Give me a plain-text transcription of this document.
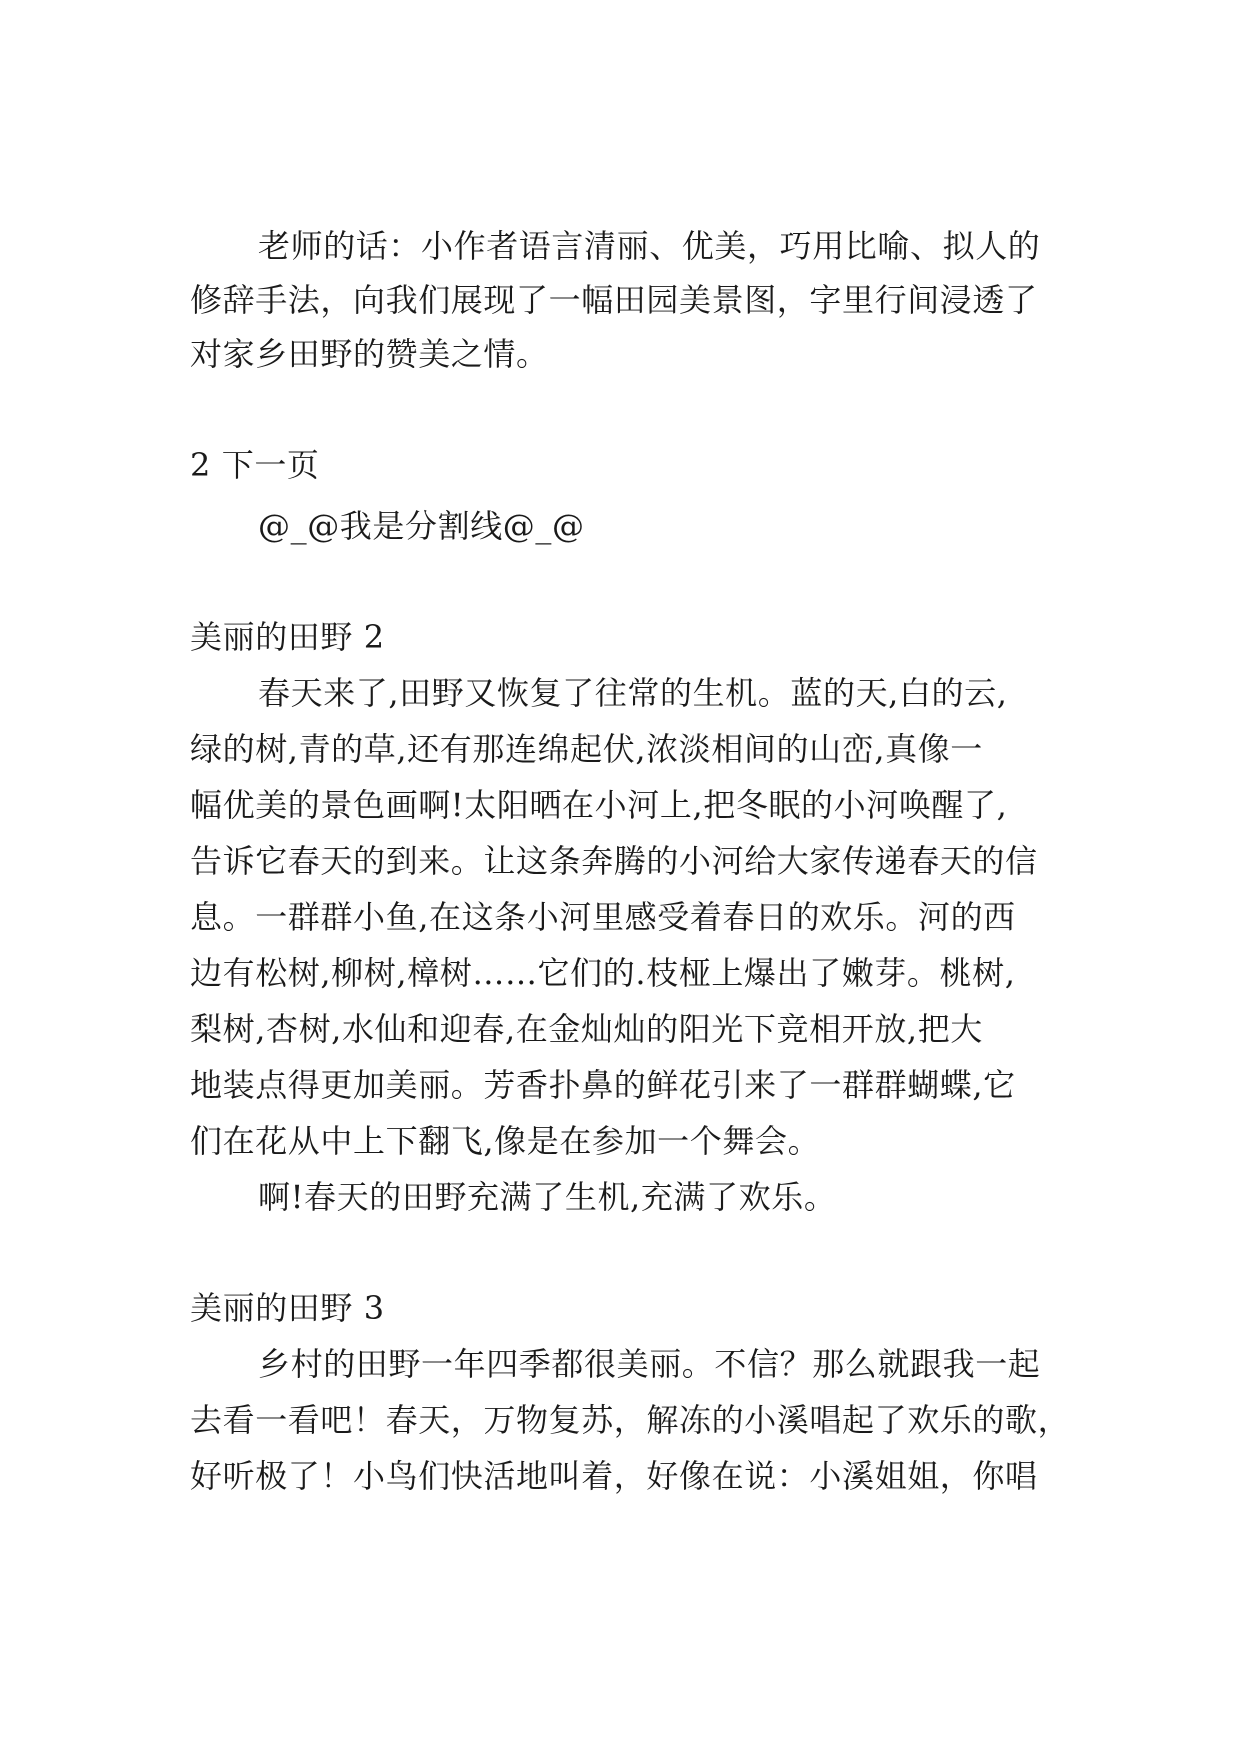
老师的话：小作者语言清丽、优美，巧用比喻、拟人的
修辞手法，向我们展现了一幅田园美景图，字里行间浸透了
对家乡田野的赞美之情。
2 下一页
@_@我是分割线@_@
美丽的田野 2
春天来了,田野又恢复了往常的生机。蓝的天,白的云,
绿的树,青的草,还有那连绵起伏,浓淡相间的山峦,真像一
幅优美的景色画啊!太阳晒在小河上,把冬眠的小河唤醒了,
告诉它春天的到来。让这条奔腾的小河给大家传递春天的信
息。一群群小鱼,在这条小河里感受着春日的欢乐。河的西
边有松树,柳树,樟树……它们的.枝桠上爆出了嫩芽。桃树,
梨树,杏树,水仙和迎春,在金灿灿的阳光下竞相开放,把大
地装点得更加美丽。芳香扑鼻的鲜花引来了一群群蝴蝶,它
们在花从中上下翻飞,像是在参加一个舞会。
啊!春天的田野充满了生机,充满了欢乐。
美丽的田野 3
乡村的田野一年四季都很美丽。不信？那么就跟我一起
去看一看吧！春天，万物复苏，解冻的小溪唱起了欢乐的歌，
好听极了！小鸟们快活地叫着，好像在说：小溪姐姐，你唱
